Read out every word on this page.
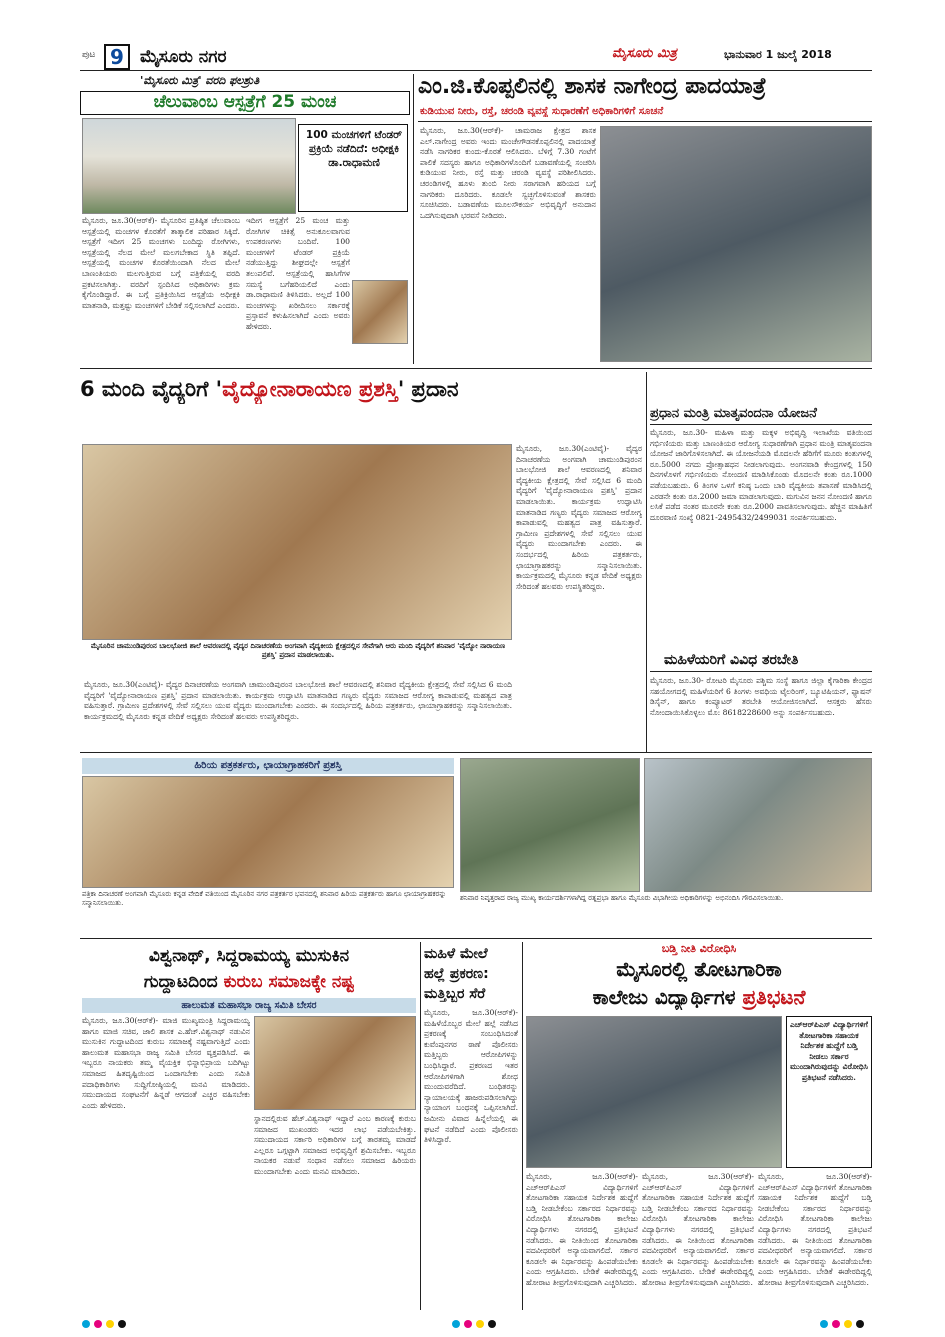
ಪುಟ 9 ಮೈಸೂರು ನಗರ	ಮೈಸೂರು ಮಿತ್ರ	ಭಾನುವಾರ 1 ಜುಲೈ 2018
'ಮೈಸೂರು ಮಿತ್ರ' ವರದಿ ಫಲಶ್ರುತಿ
ಚೆಲುವಾಂಬ ಆಸ್ಪತ್ರೆಗೆ 25 ಮಂಚ
100 ಮಂಚಗಳಿಗೆ ಟೆಂಡರ್ ಪ್ರಕ್ರಿಯೆ ನಡೆದಿದೆ: ಅಧೀಕ್ಷಕಿ ಡಾ.ರಾಧಾಮಣಿ
ಮೈಸೂರು, ಜೂ.30(ಆರ್‌ಕೆ)- ಮೈಸೂರಿನ ಪ್ರತಿಷ್ಠಿತ ಚೆಲುವಾಂಬ ಆಸ್ಪತ್ರೆಯಲ್ಲಿ ಮಂಚಗಳ ಕೊರತೆಗೆ ತಾತ್ಕಾಲಿಕ ಪರಿಹಾರ ಸಿಕ್ಕಿದೆ. ಆಸ್ಪತ್ರೆಗೆ ಇದೀಗ 25 ಮಂಚಗಳು ಬಂದಿದ್ದು ರೋಗಿಗಳು, ಆಸ್ಪತ್ರೆಯಲ್ಲಿ ನೆಲದ ಮೇಲೆ ಮಲಗಬೇಕಾದ ಸ್ಥಿತಿ ತಪ್ಪಿದೆ. ಆಸ್ಪತ್ರೆಯಲ್ಲಿ ಮಂಚಗಳ ಕೊರತೆಯಿಂದಾಗಿ ನೆಲದ ಮೇಲೆ ಬಾಣಂತಿಯರು ಮಲಗುತ್ತಿರುವ ಬಗ್ಗೆ ಪತ್ರಿಕೆಯಲ್ಲಿ ವರದಿ ಪ್ರಕಟಿಸಲಾಗಿತ್ತು. ವರದಿಗೆ ಸ್ಪಂದಿಸಿದ ಅಧಿಕಾರಿಗಳು ಕ್ರಮ ಕೈಗೊಂಡಿದ್ದಾರೆ. ಈ ಬಗ್ಗೆ ಪ್ರತಿಕ್ರಿಯಿಸಿದ ಆಸ್ಪತ್ರೆಯ ಅಧೀಕ್ಷಕಿ ಮಾತನಾಡಿ, ಮತ್ತಷ್ಟು ಮಂಚಗಳಿಗೆ ಬೇಡಿಕೆ ಸಲ್ಲಿಸಲಾಗಿದೆ ಎಂದರು.
ಇದೀಗ ಆಸ್ಪತ್ರೆಗೆ 25 ಮಂಚ ಮತ್ತು ರೋಗಿಗಳ ಚಿಕಿತ್ಸೆ ಅನುಕೂಲವಾಗುವ ಉಪಕರಣಗಳು ಬಂದಿವೆ. 100 ಮಂಚಗಳಿಗೆ ಟೆಂಡರ್ ಪ್ರಕ್ರಿಯೆ ನಡೆಯುತ್ತಿದ್ದು ಶೀಘ್ರದಲ್ಲೇ ಆಸ್ಪತ್ರೆಗೆ ತಲುಪಲಿವೆ. ಆಸ್ಪತ್ರೆಯಲ್ಲಿ ಹಾಸಿಗೆಗಳ ಸಮಸ್ಯೆ ಬಗೆಹರಿಯಲಿದೆ ಎಂದು ಡಾ.ರಾಧಾಮಣಿ ತಿಳಿಸಿದರು. ಅಲ್ಲದೆ 100 ಮಂಚಗಳನ್ನು ಖರೀದಿಸಲು ಸರ್ಕಾರಕ್ಕೆ ಪ್ರಸ್ತಾವನೆ ಕಳುಹಿಸಲಾಗಿದೆ ಎಂದು ಅವರು ಹೇಳಿದರು.
ಎಂ.ಜಿ.ಕೊಪ್ಪಲಿನಲ್ಲಿ ಶಾಸಕ ನಾಗೇಂದ್ರ ಪಾದಯಾತ್ರೆ
ಕುಡಿಯುವ ನೀರು, ರಸ್ತೆ, ಚರಂಡಿ ವ್ಯವಸ್ಥೆ ಸುಧಾರಣೆಗೆ ಅಧಿಕಾರಿಗಳಿಗೆ ಸೂಚನೆ
ಮೈಸೂರು, ಜೂ.30(ಆರ್‌ಕೆ)- ಚಾಮರಾಜ ಕ್ಷೇತ್ರದ ಶಾಸಕ ಎಲ್.ನಾಗೇಂದ್ರ ಅವರು ಇಂದು ಮಂಚೇಗೌಡನಕೊಪ್ಪಲಿನಲ್ಲಿ ಪಾದಯಾತ್ರೆ ನಡೆಸಿ ನಾಗರಿಕರ ಕುಂದು-ಕೊರತೆ ಆಲಿಸಿದರು. ಬೆಳಿಗ್ಗೆ 7.30 ಗಂಟೆಗೆ ಪಾಲಿಕೆ ಸದಸ್ಯರು ಹಾಗೂ ಅಧಿಕಾರಿಗಳೊಂದಿಗೆ ಬಡಾವಣೆಯಲ್ಲಿ ಸಂಚರಿಸಿ ಕುಡಿಯುವ ನೀರು, ರಸ್ತೆ ಮತ್ತು ಚರಂಡಿ ವ್ಯವಸ್ಥೆ ಪರಿಶೀಲಿಸಿದರು. ಚರಂಡಿಗಳಲ್ಲಿ ಹೂಳು ತುಂಬಿ ನೀರು ಸರಾಗವಾಗಿ ಹರಿಯದ ಬಗ್ಗೆ ನಾಗರಿಕರು ದೂರಿದರು. ಕೂಡಲೇ ಸ್ವಚ್ಛಗೊಳಿಸುವಂತೆ ಶಾಸಕರು ಸೂಚಿಸಿದರು. ಬಡಾವಣೆಯ ಮೂಲಸೌಕರ್ಯ ಅಭಿವೃದ್ಧಿಗೆ ಅನುದಾನ ಒದಗಿಸುವುದಾಗಿ ಭರವಸೆ ನೀಡಿದರು.
6 ಮಂದಿ ವೈದ್ಯರಿಗೆ 'ವೈದ್ಯೋನಾರಾಯಣ ಪ್ರಶಸ್ತಿ' ಪ್ರದಾನ
ಮೈಸೂರಿನ ಚಾಮುಂಡಿಪುರಂನ ಬಾಲಭೋಜಿ ಶಾಲೆ ಆವರಣದಲ್ಲಿ ವೈದ್ಯರ ದಿನಾಚರಣೆಯ ಅಂಗವಾಗಿ ವೈದ್ಯಕೀಯ ಕ್ಷೇತ್ರದಲ್ಲಿನ ಸೇವೆಗಾಗಿ ಆರು ಮಂದಿ ವೈದ್ಯರಿಗೆ ಶನಿವಾರ 'ವೈದ್ಯೋ ನಾರಾಯಣ ಪ್ರಶಸ್ತಿ' ಪ್ರದಾನ ಮಾಡಲಾಯಿತು.
ಮೈಸೂರು, ಜೂ.30(ಎಂಟಿವೈ)- ವೈದ್ಯರ ದಿನಾಚರಣೆಯ ಅಂಗವಾಗಿ ಚಾಮುಂಡಿಪುರಂನ ಬಾಲಭೋಜಿ ಶಾಲೆ ಆವರಣದಲ್ಲಿ ಶನಿವಾರ ವೈದ್ಯಕೀಯ ಕ್ಷೇತ್ರದಲ್ಲಿ ಸೇವೆ ಸಲ್ಲಿಸಿದ 6 ಮಂದಿ ವೈದ್ಯರಿಗೆ 'ವೈದ್ಯೋನಾರಾಯಣ ಪ್ರಶಸ್ತಿ' ಪ್ರದಾನ ಮಾಡಲಾಯಿತು. ಕಾರ್ಯಕ್ರಮ ಉದ್ಘಾಟಿಸಿ ಮಾತನಾಡಿದ ಗಣ್ಯರು ವೈದ್ಯರು ಸಮಾಜದ ಆರೋಗ್ಯ ಕಾಪಾಡುವಲ್ಲಿ ಮಹತ್ವದ ಪಾತ್ರ ವಹಿಸುತ್ತಾರೆ. ಗ್ರಾಮೀಣ ಪ್ರದೇಶಗಳಲ್ಲಿ ಸೇವೆ ಸಲ್ಲಿಸಲು ಯುವ ವೈದ್ಯರು ಮುಂದಾಗಬೇಕು ಎಂದರು. ಈ ಸಂದರ್ಭದಲ್ಲಿ ಹಿರಿಯ ಪತ್ರಕರ್ತರು, ಛಾಯಾಗ್ರಾಹಕರನ್ನು ಸನ್ಮಾನಿಸಲಾಯಿತು. ಕಾರ್ಯಕ್ರಮದಲ್ಲಿ ಮೈಸೂರು ಕನ್ನಡ ವೇದಿಕೆ ಅಧ್ಯಕ್ಷರು ಸೇರಿದಂತೆ ಹಲವರು ಉಪಸ್ಥಿತರಿದ್ದರು.
ಮೈಸೂರು, ಜೂ.30(ಎಂಟಿವೈ)- ವೈದ್ಯರ ದಿನಾಚರಣೆಯ ಅಂಗವಾಗಿ ಚಾಮುಂಡಿಪುರಂನ ಬಾಲಭೋಜಿ ಶಾಲೆ ಆವರಣದಲ್ಲಿ ಶನಿವಾರ ವೈದ್ಯಕೀಯ ಕ್ಷೇತ್ರದಲ್ಲಿ ಸೇವೆ ಸಲ್ಲಿಸಿದ 6 ಮಂದಿ ವೈದ್ಯರಿಗೆ 'ವೈದ್ಯೋನಾರಾಯಣ ಪ್ರಶಸ್ತಿ' ಪ್ರದಾನ ಮಾಡಲಾಯಿತು. ಕಾರ್ಯಕ್ರಮ ಉದ್ಘಾಟಿಸಿ ಮಾತನಾಡಿದ ಗಣ್ಯರು ವೈದ್ಯರು ಸಮಾಜದ ಆರೋಗ್ಯ ಕಾಪಾಡುವಲ್ಲಿ ಮಹತ್ವದ ಪಾತ್ರ ವಹಿಸುತ್ತಾರೆ. ಗ್ರಾಮೀಣ ಪ್ರದೇಶಗಳಲ್ಲಿ ಸೇವೆ ಸಲ್ಲಿಸಲು ಯುವ ವೈದ್ಯರು ಮುಂದಾಗಬೇಕು ಎಂದರು. ಈ ಸಂದರ್ಭದಲ್ಲಿ ಹಿರಿಯ ಪತ್ರಕರ್ತರು, ಛಾಯಾಗ್ರಾಹಕರನ್ನು ಸನ್ಮಾನಿಸಲಾಯಿತು. ಕಾರ್ಯಕ್ರಮದಲ್ಲಿ ಮೈಸೂರು ಕನ್ನಡ ವೇದಿಕೆ ಅಧ್ಯಕ್ಷರು ಸೇರಿದಂತೆ ಹಲವರು ಉಪಸ್ಥಿತರಿದ್ದರು.
ಪ್ರಧಾನ ಮಂತ್ರಿ ಮಾತೃವಂದನಾ ಯೋಜನೆ
ಮೈಸೂರು, ಜೂ.30- ಮಹಿಳಾ ಮತ್ತು ಮಕ್ಕಳ ಅಭಿವೃದ್ಧಿ ಇಲಾಖೆಯ ವತಿಯಿಂದ ಗರ್ಭಿಣಿಯರು ಮತ್ತು ಬಾಣಂತಿಯರ ಆರೋಗ್ಯ ಸುಧಾರಣೆಗಾಗಿ ಪ್ರಧಾನ ಮಂತ್ರಿ ಮಾತೃವಂದನಾ ಯೋಜನೆ ಜಾರಿಗೊಳಿಸಲಾಗಿದೆ. ಈ ಯೋಜನೆಯಡಿ ಮೊದಲನೇ ಹೆರಿಗೆಗೆ ಮೂರು ಕಂತುಗಳಲ್ಲಿ ರೂ.5000 ನಗದು ಪ್ರೋತ್ಸಾಹಧನ ನೀಡಲಾಗುವುದು. ಅಂಗನವಾಡಿ ಕೇಂದ್ರಗಳಲ್ಲಿ 150 ದಿನಗಳೊಳಗೆ ಗರ್ಭಿಣಿಯರು ನೋಂದಣಿ ಮಾಡಿಸಿಕೊಂಡು ಮೊದಲನೇ ಕಂತು ರೂ.1000 ಪಡೆಯಬಹುದು. 6 ತಿಂಗಳ ಒಳಗೆ ಕನಿಷ್ಠ ಒಂದು ಬಾರಿ ವೈದ್ಯಕೀಯ ತಪಾಸಣೆ ಮಾಡಿಸಿದಲ್ಲಿ ಎರಡನೇ ಕಂತು ರೂ.2000 ಜಮಾ ಮಾಡಲಾಗುವುದು. ಮಗುವಿನ ಜನನ ನೋಂದಣಿ ಹಾಗೂ ಲಸಿಕೆ ಪಡೆದ ನಂತರ ಮೂರನೇ ಕಂತು ರೂ.2000 ಪಾವತಿಸಲಾಗುವುದು. ಹೆಚ್ಚಿನ ಮಾಹಿತಿಗೆ ದೂರವಾಣಿ ಸಂಖ್ಯೆ 0821-2495432/2499031 ಸಂಪರ್ಕಿಸಬಹುದು.
ಮಹಿಳೆಯರಿಗೆ ವಿವಿಧ ತರಬೇತಿ
ಮೈಸೂರು, ಜೂ.30- ರೋಟರಿ ಮೈಸೂರು ಪಶ್ಚಿಮ ಸಂಸ್ಥೆ ಹಾಗೂ ಜಿಲ್ಲಾ ಕೈಗಾರಿಕಾ ಕೇಂದ್ರದ ಸಹಯೋಗದಲ್ಲಿ ಮಹಿಳೆಯರಿಗೆ 6 ತಿಂಗಳು ಅವಧಿಯ ಟೈಲರಿಂಗ್, ಬ್ಯೂಟಿಷಿಯನ್, ಫ್ಯಾಷನ್ ಡಿಸೈನ್, ಹಾಗೂ ಕಂಪ್ಯೂಟರ್ ತರಬೇತಿ ಆಯೋಜಿಸಲಾಗಿದೆ. ಆಸಕ್ತರು ಹೆಸರು ನೋಂದಾಯಿಸಿಕೊಳ್ಳಲು ಮೊ: 8618228600 ಅನ್ನು ಸಂಪರ್ಕಿಸಬಹುದು.
ಹಿರಿಯ ಪತ್ರಕರ್ತರು, ಛಾಯಾಗ್ರಾಹಕರಿಗೆ ಪ್ರಶಸ್ತಿ
ಪತ್ರಿಕಾ ದಿನಾಚರಣೆ ಅಂಗವಾಗಿ ಮೈಸೂರು ಕನ್ನಡ ವೇದಿಕೆ ವತಿಯಿಂದ ಮೈಸೂರಿನ ನಗರ ಪತ್ರಕರ್ತರ ಭವನದಲ್ಲಿ ಶನಿವಾರ ಹಿರಿಯ ಪತ್ರಕರ್ತರು ಹಾಗೂ ಛಾಯಾಗ್ರಾಹಕರನ್ನು ಸನ್ಮಾನಿಸಲಾಯಿತು.
ಶನಿವಾರ ನಿವೃತ್ತರಾದ ರಾಜ್ಯ ಮುಖ್ಯ ಕಾರ್ಯದರ್ಶಿಗಳಾಗಿದ್ದ ರತ್ನಪ್ರಭಾ ಹಾಗೂ ಮೈಸೂರು ವಿಭಾಗೀಯ ಅಧಿಕಾರಿಗಳನ್ನು ಅಭಿನಂದಿಸಿ ಗೌರವಿಸಲಾಯಿತು.
ವಿಶ್ವನಾಥ್, ಸಿದ್ದರಾಮಯ್ಯ ಮುಸುಕಿನ
ಗುದ್ದಾಟದಿಂದ ಕುರುಬ ಸಮಾಜಕ್ಕೇ ನಷ್ಟ
ಹಾಲುಮತ ಮಹಾಸಭಾ ರಾಜ್ಯ ಸಮಿತಿ ಬೇಸರ
ಮೈಸೂರು, ಜೂ.30(ಆರ್‌ಕೆ)- ಮಾಜಿ ಮುಖ್ಯಮಂತ್ರಿ ಸಿದ್ದರಾಮಯ್ಯ ಹಾಗೂ ಮಾಜಿ ಸಚಿವ, ಜಾಲಿ ಶಾಸಕ ಎ.ಹೆಚ್.ವಿಶ್ವನಾಥ್ ನಡುವಿನ ಮುಸುಕಿನ ಗುದ್ದಾಟದಿಂದ ಕುರುಬ ಸಮಾಜಕ್ಕೆ ನಷ್ಟವಾಗುತ್ತಿದೆ ಎಂದು ಹಾಲುಮತ ಮಹಾಸಭಾ ರಾಜ್ಯ ಸಮಿತಿ ಬೇಸರ ವ್ಯಕ್ತಪಡಿಸಿದೆ. ಈ ಇಬ್ಬರೂ ನಾಯಕರು ತಮ್ಮ ವೈಯಕ್ತಿಕ ಭಿನ್ನಾಭಿಪ್ರಾಯ ಬದಿಗಿಟ್ಟು ಸಮಾಜದ ಹಿತದೃಷ್ಟಿಯಿಂದ ಒಂದಾಗಬೇಕು ಎಂದು ಸಮಿತಿ ಪದಾಧಿಕಾರಿಗಳು ಸುದ್ದಿಗೋಷ್ಠಿಯಲ್ಲಿ ಮನವಿ ಮಾಡಿದರು. ಸಮುದಾಯದ ಸಂಘಟನೆಗೆ ಹಿನ್ನಡೆ ಆಗದಂತೆ ಎಚ್ಚರ ವಹಿಸಬೇಕು ಎಂದು ಹೇಳಿದರು.
ಸ್ಥಾನದಲ್ಲಿರುವ ಹೆಚ್.ವಿಶ್ವನಾಥ್ ಇದ್ದಾರೆ ಎಂಬ ಕಾರಣಕ್ಕೆ ಕುರುಬ ಸಮಾಜದ ಮುಖಂಡರು ಇದರ ಲಾಭ ಪಡೆಯಬೇಕಿತ್ತು. ಸಮುದಾಯದ ಸರ್ಕಾರಿ ಅಧಿಕಾರಿಗಳ ಬಗ್ಗೆ ತಾರತಮ್ಯ ಮಾಡದೆ ಎಲ್ಲರೂ ಒಗ್ಗಟ್ಟಾಗಿ ಸಮಾಜದ ಅಭಿವೃದ್ಧಿಗೆ ಶ್ರಮಿಸಬೇಕು. ಇಬ್ಬರೂ ನಾಯಕರ ನಡುವೆ ಸಂಧಾನ ನಡೆಸಲು ಸಮಾಜದ ಹಿರಿಯರು ಮುಂದಾಗಬೇಕು ಎಂದು ಮನವಿ ಮಾಡಿದರು.
ಮಹಿಳೆ ಮೇಲೆ
ಹಲ್ಲೆ ಪ್ರಕರಣ:
ಮತ್ತಿಬ್ಬರ ಸೆರೆ
ಮೈಸೂರು, ಜೂ.30(ಆರ್‌ಕೆ)- ಮಹಿಳೆಯೊಬ್ಬರ ಮೇಲೆ ಹಲ್ಲೆ ನಡೆಸಿದ ಪ್ರಕರಣಕ್ಕೆ ಸಂಬಂಧಿಸಿದಂತೆ ಕುವೆಂಪುನಗರ ಠಾಣೆ ಪೊಲೀಸರು ಮತ್ತಿಬ್ಬರು ಆರೋಪಿಗಳನ್ನು ಬಂಧಿಸಿದ್ದಾರೆ. ಪ್ರಕರಣದ ಇತರ ಆರೋಪಿಗಳಿಗಾಗಿ ಶೋಧ ಮುಂದುವರೆದಿದೆ. ಬಂಧಿತರನ್ನು ನ್ಯಾಯಾಲಯಕ್ಕೆ ಹಾಜರುಪಡಿಸಲಾಗಿದ್ದು ನ್ಯಾಯಾಂಗ ಬಂಧನಕ್ಕೆ ಒಪ್ಪಿಸಲಾಗಿದೆ. ಜಮೀನು ವಿವಾದ ಹಿನ್ನೆಲೆಯಲ್ಲಿ ಈ ಘಟನೆ ನಡೆದಿದೆ ಎಂದು ಪೊಲೀಸರು ತಿಳಿಸಿದ್ದಾರೆ.
ಬಡ್ತಿ ನೀತಿ ವಿರೋಧಿಸಿ
ಮೈಸೂರಲ್ಲಿ ತೋಟಗಾರಿಕಾ
ಕಾಲೇಜು ವಿದ್ಯಾರ್ಥಿಗಳ ಪ್ರತಿಭಟನೆ
ಎಚ್‌ಆರ್‌ಪಿಎಸ್ ವಿದ್ಯಾರ್ಥಿಗಳಿಗೆ ತೋಟಗಾರಿಕಾ ಸಹಾಯಕ ನಿರ್ದೇಶಕ ಹುದ್ದೆಗೆ ಬಡ್ತಿ ನೀಡಲು ಸರ್ಕಾರ ಮುಂದಾಗಿರುವುದನ್ನು ವಿರೋಧಿಸಿ ಪ್ರತಿಭಟನೆ ನಡೆಸಿದರು.
ಮೈಸೂರು, ಜೂ.30(ಆರ್‌ಕೆ)- ಎಚ್‌ಆರ್‌ಪಿಎಸ್ ವಿದ್ಯಾರ್ಥಿಗಳಿಗೆ ತೋಟಗಾರಿಕಾ ಸಹಾಯಕ ನಿರ್ದೇಶಕ ಹುದ್ದೆಗೆ ಬಡ್ತಿ ನೀಡಬೇಕೆಂಬ ಸರ್ಕಾರದ ನಿರ್ಧಾರವನ್ನು ವಿರೋಧಿಸಿ ತೋಟಗಾರಿಕಾ ಕಾಲೇಜು ವಿದ್ಯಾರ್ಥಿಗಳು ನಗರದಲ್ಲಿ ಪ್ರತಿಭಟನೆ ನಡೆಸಿದರು. ಈ ನೀತಿಯಿಂದ ತೋಟಗಾರಿಕಾ ಪದವೀಧರರಿಗೆ ಅನ್ಯಾಯವಾಗಲಿದೆ. ಸರ್ಕಾರ ಕೂಡಲೇ ಈ ನಿರ್ಧಾರವನ್ನು ಹಿಂಪಡೆಯಬೇಕು ಎಂದು ಆಗ್ರಹಿಸಿದರು. ಬೇಡಿಕೆ ಈಡೇರದಿದ್ದಲ್ಲಿ ಹೋರಾಟ ತೀವ್ರಗೊಳಿಸುವುದಾಗಿ ಎಚ್ಚರಿಸಿದರು.
ಮೈಸೂರು, ಜೂ.30(ಆರ್‌ಕೆ)- ಎಚ್‌ಆರ್‌ಪಿಎಸ್ ವಿದ್ಯಾರ್ಥಿಗಳಿಗೆ ತೋಟಗಾರಿಕಾ ಸಹಾಯಕ ನಿರ್ದೇಶಕ ಹುದ್ದೆಗೆ ಬಡ್ತಿ ನೀಡಬೇಕೆಂಬ ಸರ್ಕಾರದ ನಿರ್ಧಾರವನ್ನು ವಿರೋಧಿಸಿ ತೋಟಗಾರಿಕಾ ಕಾಲೇಜು ವಿದ್ಯಾರ್ಥಿಗಳು ನಗರದಲ್ಲಿ ಪ್ರತಿಭಟನೆ ನಡೆಸಿದರು. ಈ ನೀತಿಯಿಂದ ತೋಟಗಾರಿಕಾ ಪದವೀಧರರಿಗೆ ಅನ್ಯಾಯವಾಗಲಿದೆ. ಸರ್ಕಾರ ಕೂಡಲೇ ಈ ನಿರ್ಧಾರವನ್ನು ಹಿಂಪಡೆಯಬೇಕು ಎಂದು ಆಗ್ರಹಿಸಿದರು. ಬೇಡಿಕೆ ಈಡೇರದಿದ್ದಲ್ಲಿ ಹೋರಾಟ ತೀವ್ರಗೊಳಿಸುವುದಾಗಿ ಎಚ್ಚರಿಸಿದರು.
ಮೈಸೂರು, ಜೂ.30(ಆರ್‌ಕೆ)- ಎಚ್‌ಆರ್‌ಪಿಎಸ್ ವಿದ್ಯಾರ್ಥಿಗಳಿಗೆ ತೋಟಗಾರಿಕಾ ಸಹಾಯಕ ನಿರ್ದೇಶಕ ಹುದ್ದೆಗೆ ಬಡ್ತಿ ನೀಡಬೇಕೆಂಬ ಸರ್ಕಾರದ ನಿರ್ಧಾರವನ್ನು ವಿರೋಧಿಸಿ ತೋಟಗಾರಿಕಾ ಕಾಲೇಜು ವಿದ್ಯಾರ್ಥಿಗಳು ನಗರದಲ್ಲಿ ಪ್ರತಿಭಟನೆ ನಡೆಸಿದರು. ಈ ನೀತಿಯಿಂದ ತೋಟಗಾರಿಕಾ ಪದವೀಧರರಿಗೆ ಅನ್ಯಾಯವಾಗಲಿದೆ. ಸರ್ಕಾರ ಕೂಡಲೇ ಈ ನಿರ್ಧಾರವನ್ನು ಹಿಂಪಡೆಯಬೇಕು ಎಂದು ಆಗ್ರಹಿಸಿದರು. ಬೇಡಿಕೆ ಈಡೇರದಿದ್ದಲ್ಲಿ ಹೋರಾಟ ತೀವ್ರಗೊಳಿಸುವುದಾಗಿ ಎಚ್ಚರಿಸಿದರು.
